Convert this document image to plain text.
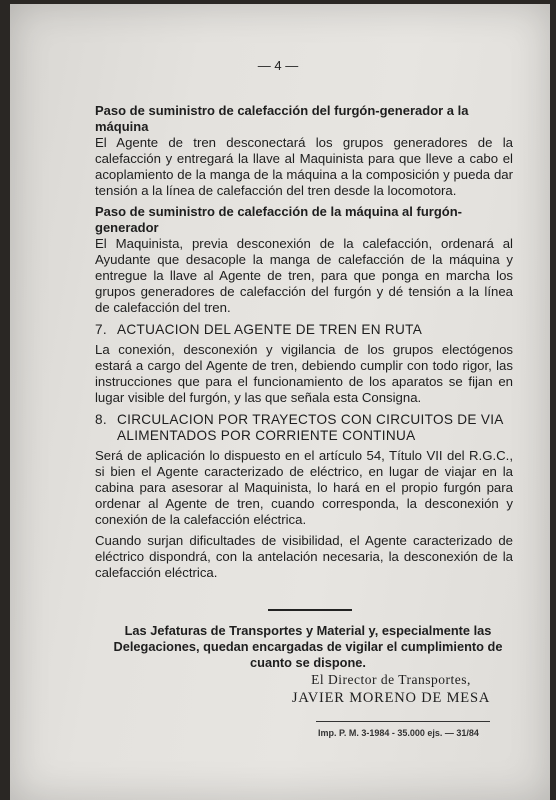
— 4 —
Paso de suministro de calefacción del furgón-generador a la máquina

El Agente de tren desconectará los grupos generadores de la calefacción y entregará la llave al Maquinista para que lleve a cabo el acoplamiento de la manga de la máquina a la composición y pueda dar tensión a la línea de calefacción del tren desde la locomotora.

Paso de suministro de calefacción de la máquina al furgón-generador

El Maquinista, previa desconexión de la calefacción, ordenará al Ayudante que desacople la manga de calefacción de la máquina y entregue la llave al Agente de tren, para que ponga en marcha los grupos generadores de calefacción del furgón y dé tensión a la línea de calefacción del tren.

7. ACTUACION DEL AGENTE DE TREN EN RUTA

La conexión, desconexión y vigilancia de los grupos electógenos estará a cargo del Agente de tren, debiendo cumplir con todo rigor, las instrucciones que para el funcionamiento de los aparatos se fijan en lugar visible del furgón, y las que señala esta Consigna.

8. CIRCULACION POR TRAYECTOS CON CIRCUITOS DE VIA ALIMENTADOS POR CORRIENTE CONTINUA

Será de aplicación lo dispuesto en el artículo 54, Título VII del R.G.C., si bien el Agente caracterizado de eléctrico, en lugar de viajar en la cabina para asesorar al Maquinista, lo hará en el propio furgón para ordenar al Agente de tren, cuando corresponda, la desconexión y conexión de la calefacción eléctrica.

Cuando surjan dificultades de visibilidad, el Agente caracterizado de eléctrico dispondrá, con la antelación necesaria, la desconexión de la calefacción eléctrica.

Las Jefaturas de Transportes y Material y, especialmente las Delegaciones, quedan encargadas de vigilar el cumplimiento de cuanto se dispone.
El Director de Transportes,
JAVIER MORENO DE MESA
Imp. P. M. 3-1984 - 35.000 ejs. — 31/84
